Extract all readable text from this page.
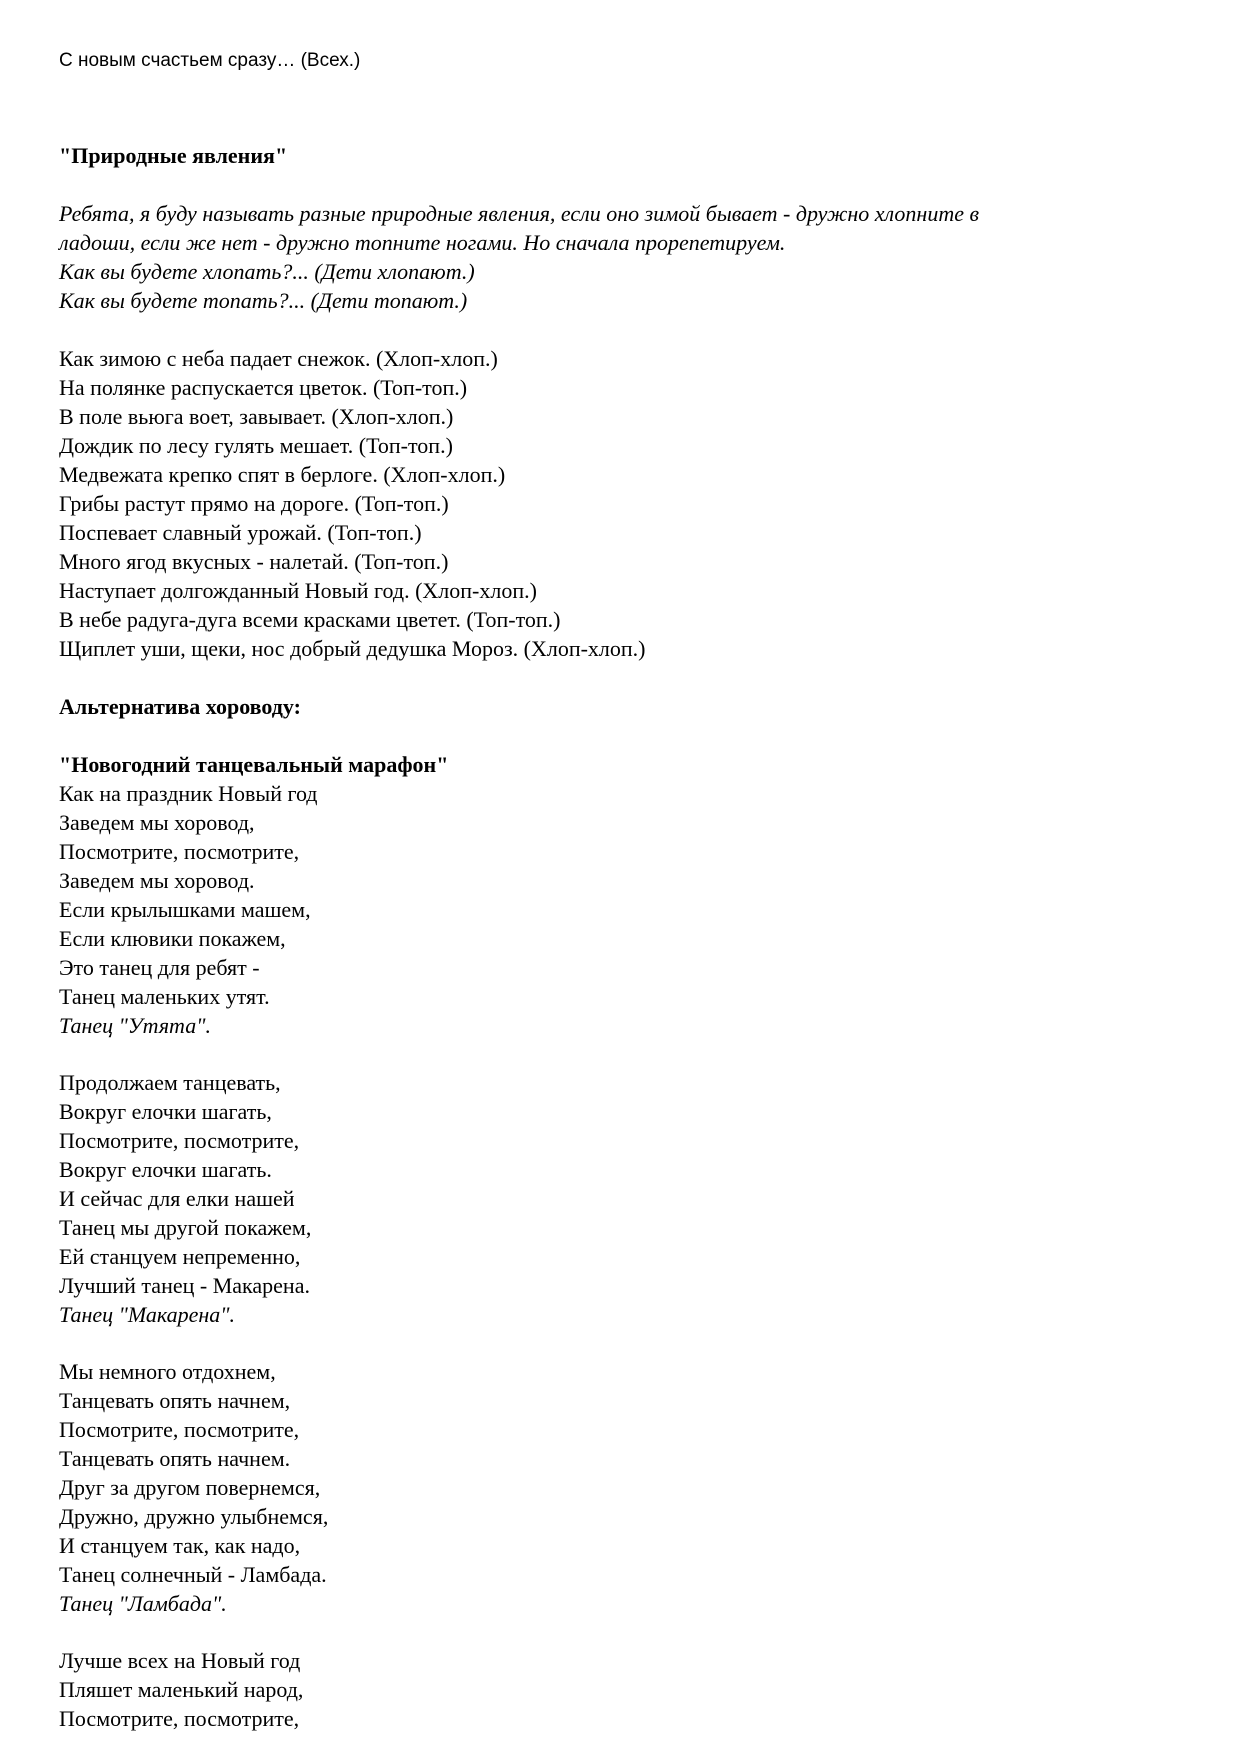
С новым счастьем сразу… (Всех.)
"Природные явления"
Ребята, я буду называть разные природные явления, если оно зимой бывает - дружно хлопните в
ладоши, если же нет - дружно топните ногами. Но сначала прорепетируем.
Как вы будете хлопать?... (Дети хлопают.)
Как вы будете топать?... (Дети топают.)
Как зимою с неба падает снежок. (Хлоп-хлоп.)
На полянке распускается цветок. (Топ-топ.)
В поле вьюга воет, завывает. (Хлоп-хлоп.)
Дождик по лесу гулять мешает. (Топ-топ.)
Медвежата крепко спят в берлоге. (Хлоп-хлоп.)
Грибы растут прямо на дороге. (Топ-топ.)
Поспевает славный урожай. (Топ-топ.)
Много ягод вкусных - налетай. (Топ-топ.)
Наступает долгожданный Новый год. (Хлоп-хлоп.)
В небе радуга-дуга всеми красками цветет. (Топ-топ.)
Щиплет уши, щеки, нос добрый дедушка Мороз. (Хлоп-хлоп.)
Альтернатива хороводу:
"Новогодний танцевальный марафон"
Как на праздник Новый год
Заведем мы хоровод,
Посмотрите, посмотрите,
Заведем мы хоровод.
Если крылышками машем,
Если клювики покажем,
Это танец для ребят -
Танец маленьких утят.
Танец "Утята".
Продолжаем танцевать,
Вокруг елочки шагать,
Посмотрите, посмотрите,
Вокруг елочки шагать.
И сейчас для елки нашей
Танец мы другой покажем,
Ей станцуем непременно,
Лучший танец - Макарена.
Танец "Макарена".
Мы немного отдохнем,
Танцевать опять начнем,
Посмотрите, посмотрите,
Танцевать опять начнем.
Друг за другом повернемся,
Дружно, дружно улыбнемся,
И станцуем так, как надо,
Танец солнечный - Ламбада.
Танец "Ламбада".
Лучше всех на Новый год
Пляшет маленький народ,
Посмотрите, посмотрите,
